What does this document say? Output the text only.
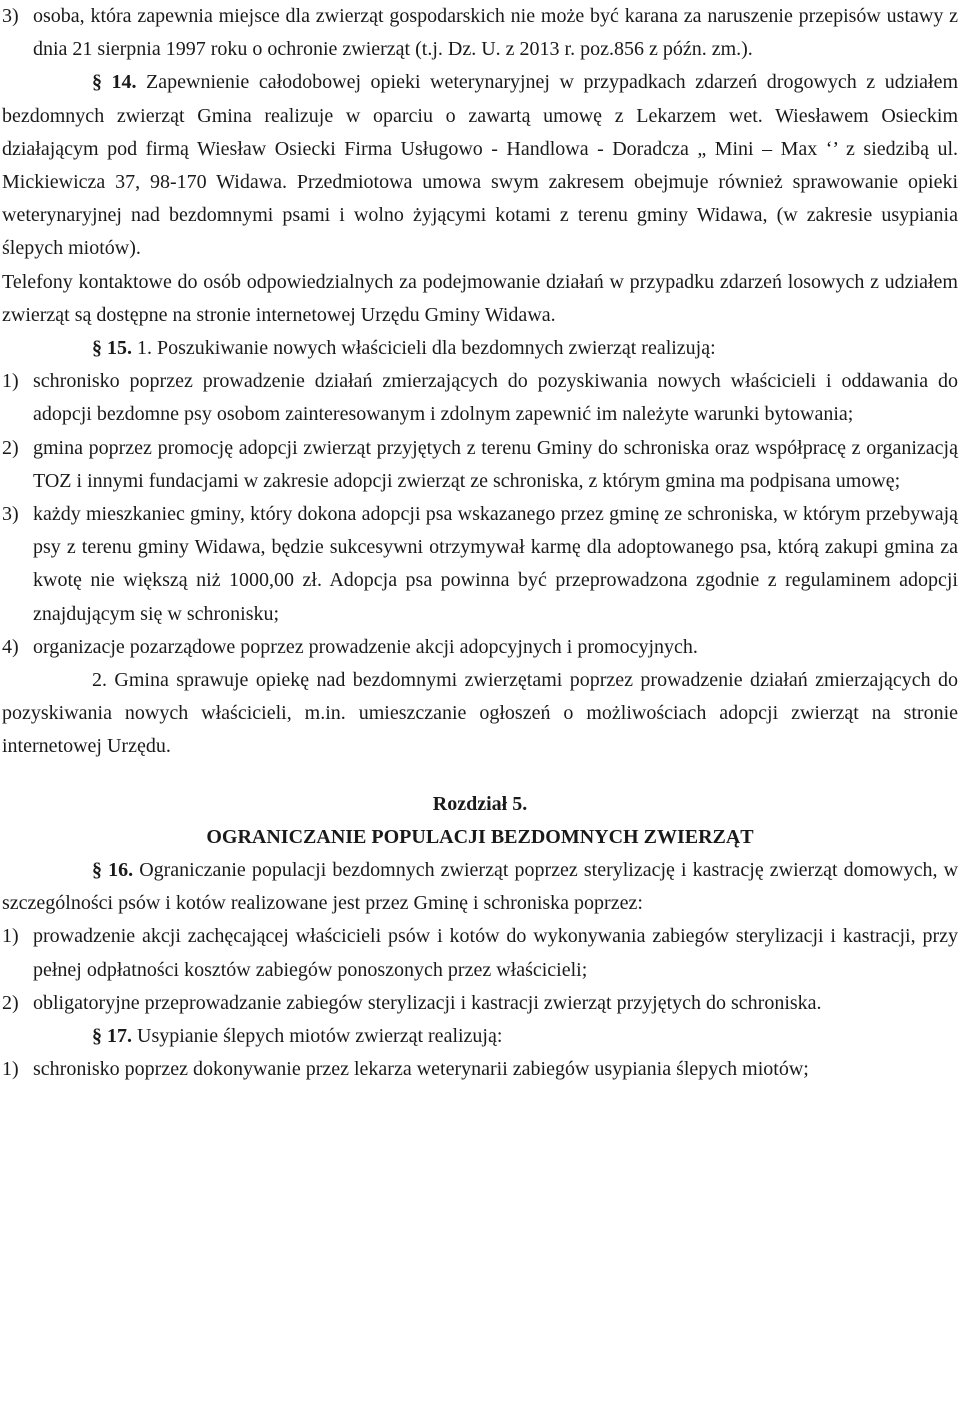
3) osoba, która zapewnia miejsce dla zwierząt gospodarskich nie może być karana za naruszenie przepisów ustawy z dnia 21 sierpnia 1997 roku o ochronie zwierząt (t.j. Dz. U. z 2013 r. poz.856 z późn. zm.).

§ 14. Zapewnienie całodobowej opieki weterynaryjnej w przypadkach zdarzeń drogowych z udziałem bezdomnych zwierząt Gmina realizuje w oparciu o zawartą umowę z Lekarzem wet. Wiesławem Osieckim działającym pod firmą Wiesław Osiecki Firma Usługowo - Handlowa - Doradcza „ Mini – Max ‘’ z siedzibą ul. Mickiewicza 37, 98-170 Widawa. Przedmiotowa umowa swym zakresem obejmuje również sprawowanie opieki weterynaryjnej nad bezdomnymi psami i wolno żyjącymi kotami z terenu gminy Widawa, (w zakresie usypiania ślepych miotów).

Telefony kontaktowe do osób odpowiedzialnych za podejmowanie działań w przypadku zdarzeń losowych z udziałem zwierząt są dostępne na stronie internetowej Urzędu Gminy Widawa.

§ 15. 1. Poszukiwanie nowych właścicieli dla bezdomnych zwierząt realizują:

1) schronisko poprzez prowadzenie działań zmierzających do pozyskiwania nowych właścicieli i oddawania do adopcji bezdomne psy osobom zainteresowanym i zdolnym zapewnić im należyte warunki bytowania;
2) gmina poprzez promocję adopcji zwierząt przyjętych z terenu Gminy do schroniska oraz współpracę z organizacją TOZ i innymi fundacjami w zakresie adopcji zwierząt ze schroniska, z którym gmina ma podpisana umowę;
3) każdy mieszkaniec gminy, który dokona adopcji psa wskazanego przez gminę ze schroniska, w którym przebywają psy z terenu gminy Widawa, będzie sukcesywni otrzymywał karmę dla adoptowanego psa, którą zakupi gmina za kwotę nie większą niż 1000,00 zł. Adopcja psa powinna być przeprowadzona zgodnie z regulaminem adopcji znajdującym się w schronisku;
4) organizacje pozarządowe poprzez prowadzenie akcji adopcyjnych i promocyjnych.

2. Gmina sprawuje opiekę nad bezdomnymi zwierzętami poprzez prowadzenie działań zmierzających do pozyskiwania nowych właścicieli, m.in. umieszczanie ogłoszeń o możliwościach adopcji zwierząt na stronie internetowej Urzędu.

Rozdział 5.

OGRANICZANIE POPULACJI BEZDOMNYCH ZWIERZĄT

§ 16. Ograniczanie populacji bezdomnych zwierząt poprzez sterylizację i kastrację zwierząt domowych, w szczególności psów i kotów realizowane jest przez Gminę i schroniska poprzez:

1) prowadzenie akcji zachęcającej właścicieli psów i kotów do wykonywania zabiegów sterylizacji i kastracji, przy pełnej odpłatności kosztów zabiegów ponoszonych przez właścicieli;
2) obligatoryjne przeprowadzanie zabiegów sterylizacji i kastracji zwierząt przyjętych do schroniska.

§ 17. Usypianie ślepych miotów zwierząt realizują:

1) schronisko poprzez dokonywanie przez lekarza weterynarii zabiegów usypiania ślepych miotów;
